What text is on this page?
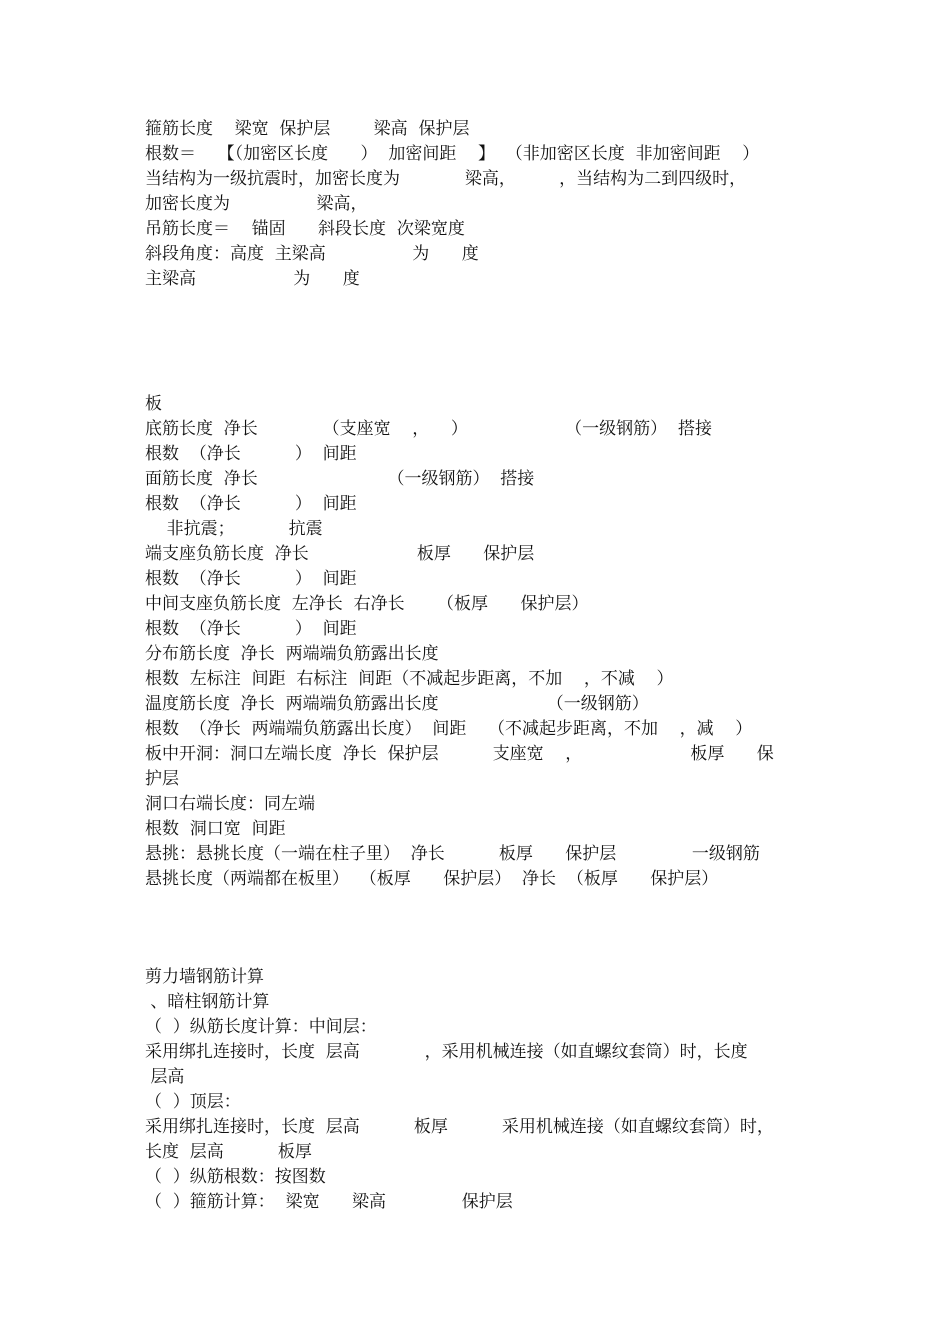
箍筋长度    梁宽  保护层        梁高  保护层
根数＝    【（加密区长度      ）  加密间距    】  （非加密区长度  非加密间距    ）
当结构为一级抗震时，加密长度为            梁高，        ，当结构为二到四级时，
加密长度为                梁高，
吊筋长度＝    锚固      斜段长度  次梁宽度
斜段角度：高度  主梁高                为      度
主梁高                  为      度
板
底筋长度  净长            （支座宽    ，    ）                  （一级钢筋）  搭接
根数  （净长          ）  间距
面筋长度  净长                        （一级钢筋）  搭接
根数  （净长          ）  间距
非抗震；          抗震
端支座负筋长度  净长                    板厚      保护层
根数  （净长          ）  间距
中间支座负筋长度  左净长  右净长      （板厚      保护层）
根数  （净长          ）  间距
分布筋长度  净长  两端端负筋露出长度
根数  左标注  间距  右标注  间距（不减起步距离，不加    ，不减    ）
温度筋长度  净长  两端端负筋露出长度                    （一级钢筋）
根数  （净长  两端端负筋露出长度）  间距    （不减起步距离，不加    ，减    ）
板中开洞：洞口左端长度  净长  保护层          支座宽    ，                    板厚      保
护层
洞口右端长度：同左端
根数  洞口宽  间距
悬挑：悬挑长度（一端在柱子里）  净长          板厚      保护层              一级钢筋
悬挑长度（两端都在板里）  （板厚      保护层）  净长  （板厚      保护层）
剪力墙钢筋计算
、暗柱钢筋计算
（  ）纵筋长度计算：中间层：
采用绑扎连接时，长度  层高            ，采用机械连接（如直螺纹套筒）时，长度
层高
（  ）顶层：
采用绑扎连接时，长度  层高          板厚          采用机械连接（如直螺纹套筒）时，
长度  层高          板厚
（  ）纵筋根数：按图数
（  ）箍筋计算：  梁宽      梁高              保护层
